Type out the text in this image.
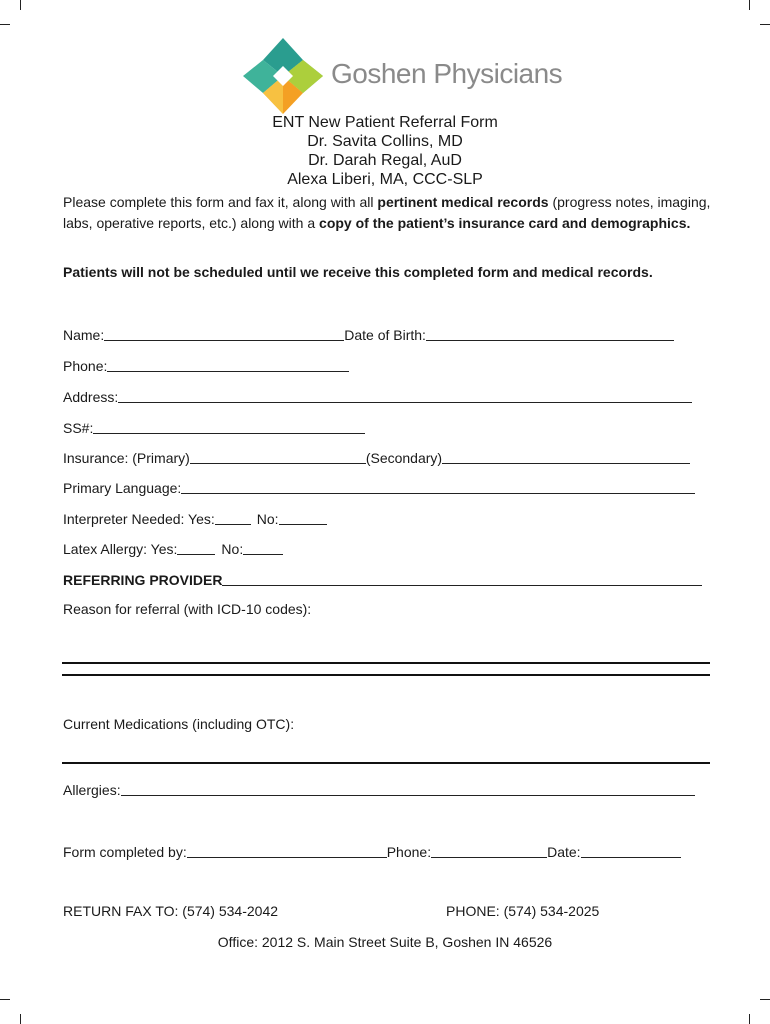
Goshen Physicians
ENT New Patient Referral Form
Dr. Savita Collins, MD
Dr. Darah Regal, AuD
Alexa Liberi, MA, CCC-SLP
Please complete this form and fax it, along with all pertinent medical records (progress notes, imaging, labs, operative reports, etc.) along with a copy of the patient’s insurance card and demographics.
Patients will not be scheduled until we receive this completed form and medical records.
Name:	Date of Birth:
Phone:
Address:
SS#:
Insurance: (Primary)	(Secondary)
Primary Language:
Interpreter Needed: Yes:	No:
Latex Allergy: Yes:	No:
REFERRING PROVIDER
Reason for referral (with ICD-10 codes):
Current Medications (including OTC):
Allergies:
Form completed by:	Phone:	Date:
RETURN FAX TO: (574) 534-2042	PHONE: (574) 534-2025
Office: 2012 S. Main Street Suite B, Goshen IN 46526
